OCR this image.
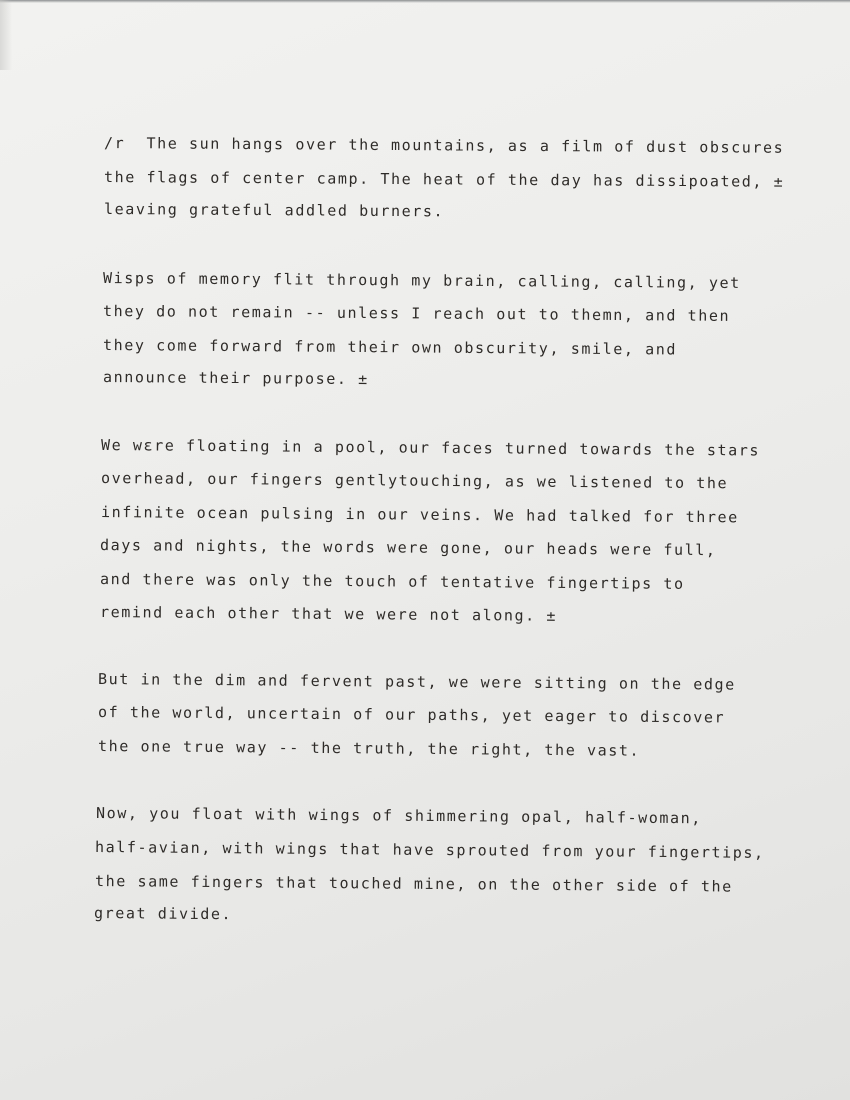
/r  The sun hangs over the mountains, as a film of dust obscures
the flags of center camp. The heat of the day has dissipoated, ±
leaving grateful addled burners.
Wisps of memory flit through my brain, calling, calling, yet
they do not remain -- unless I reach out to themn, and then
they come forward from their own obscurity, smile, and
announce their purpose. ±
We wεre floating in a pool, our faces turned towards the stars
overhead, our fingers gentlytouching, as we listened to the
infinite ocean pulsing in our veins. We had talked for three
days and nights, the words were gone, our heads were full,
and there was only the touch of tentative fingertips to
remind each other that we were not along. ±
But in the dim and fervent past, we were sitting on the edge
of the world, uncertain of our paths, yet eager to discover
the one true way -- the truth, the right, the vast.
Now, you float with wings of shimmering opal, half-woman,
half-avian, with wings that have sprouted from your fingertips,
the same fingers that touched mine, on the other side of the
great divide.
